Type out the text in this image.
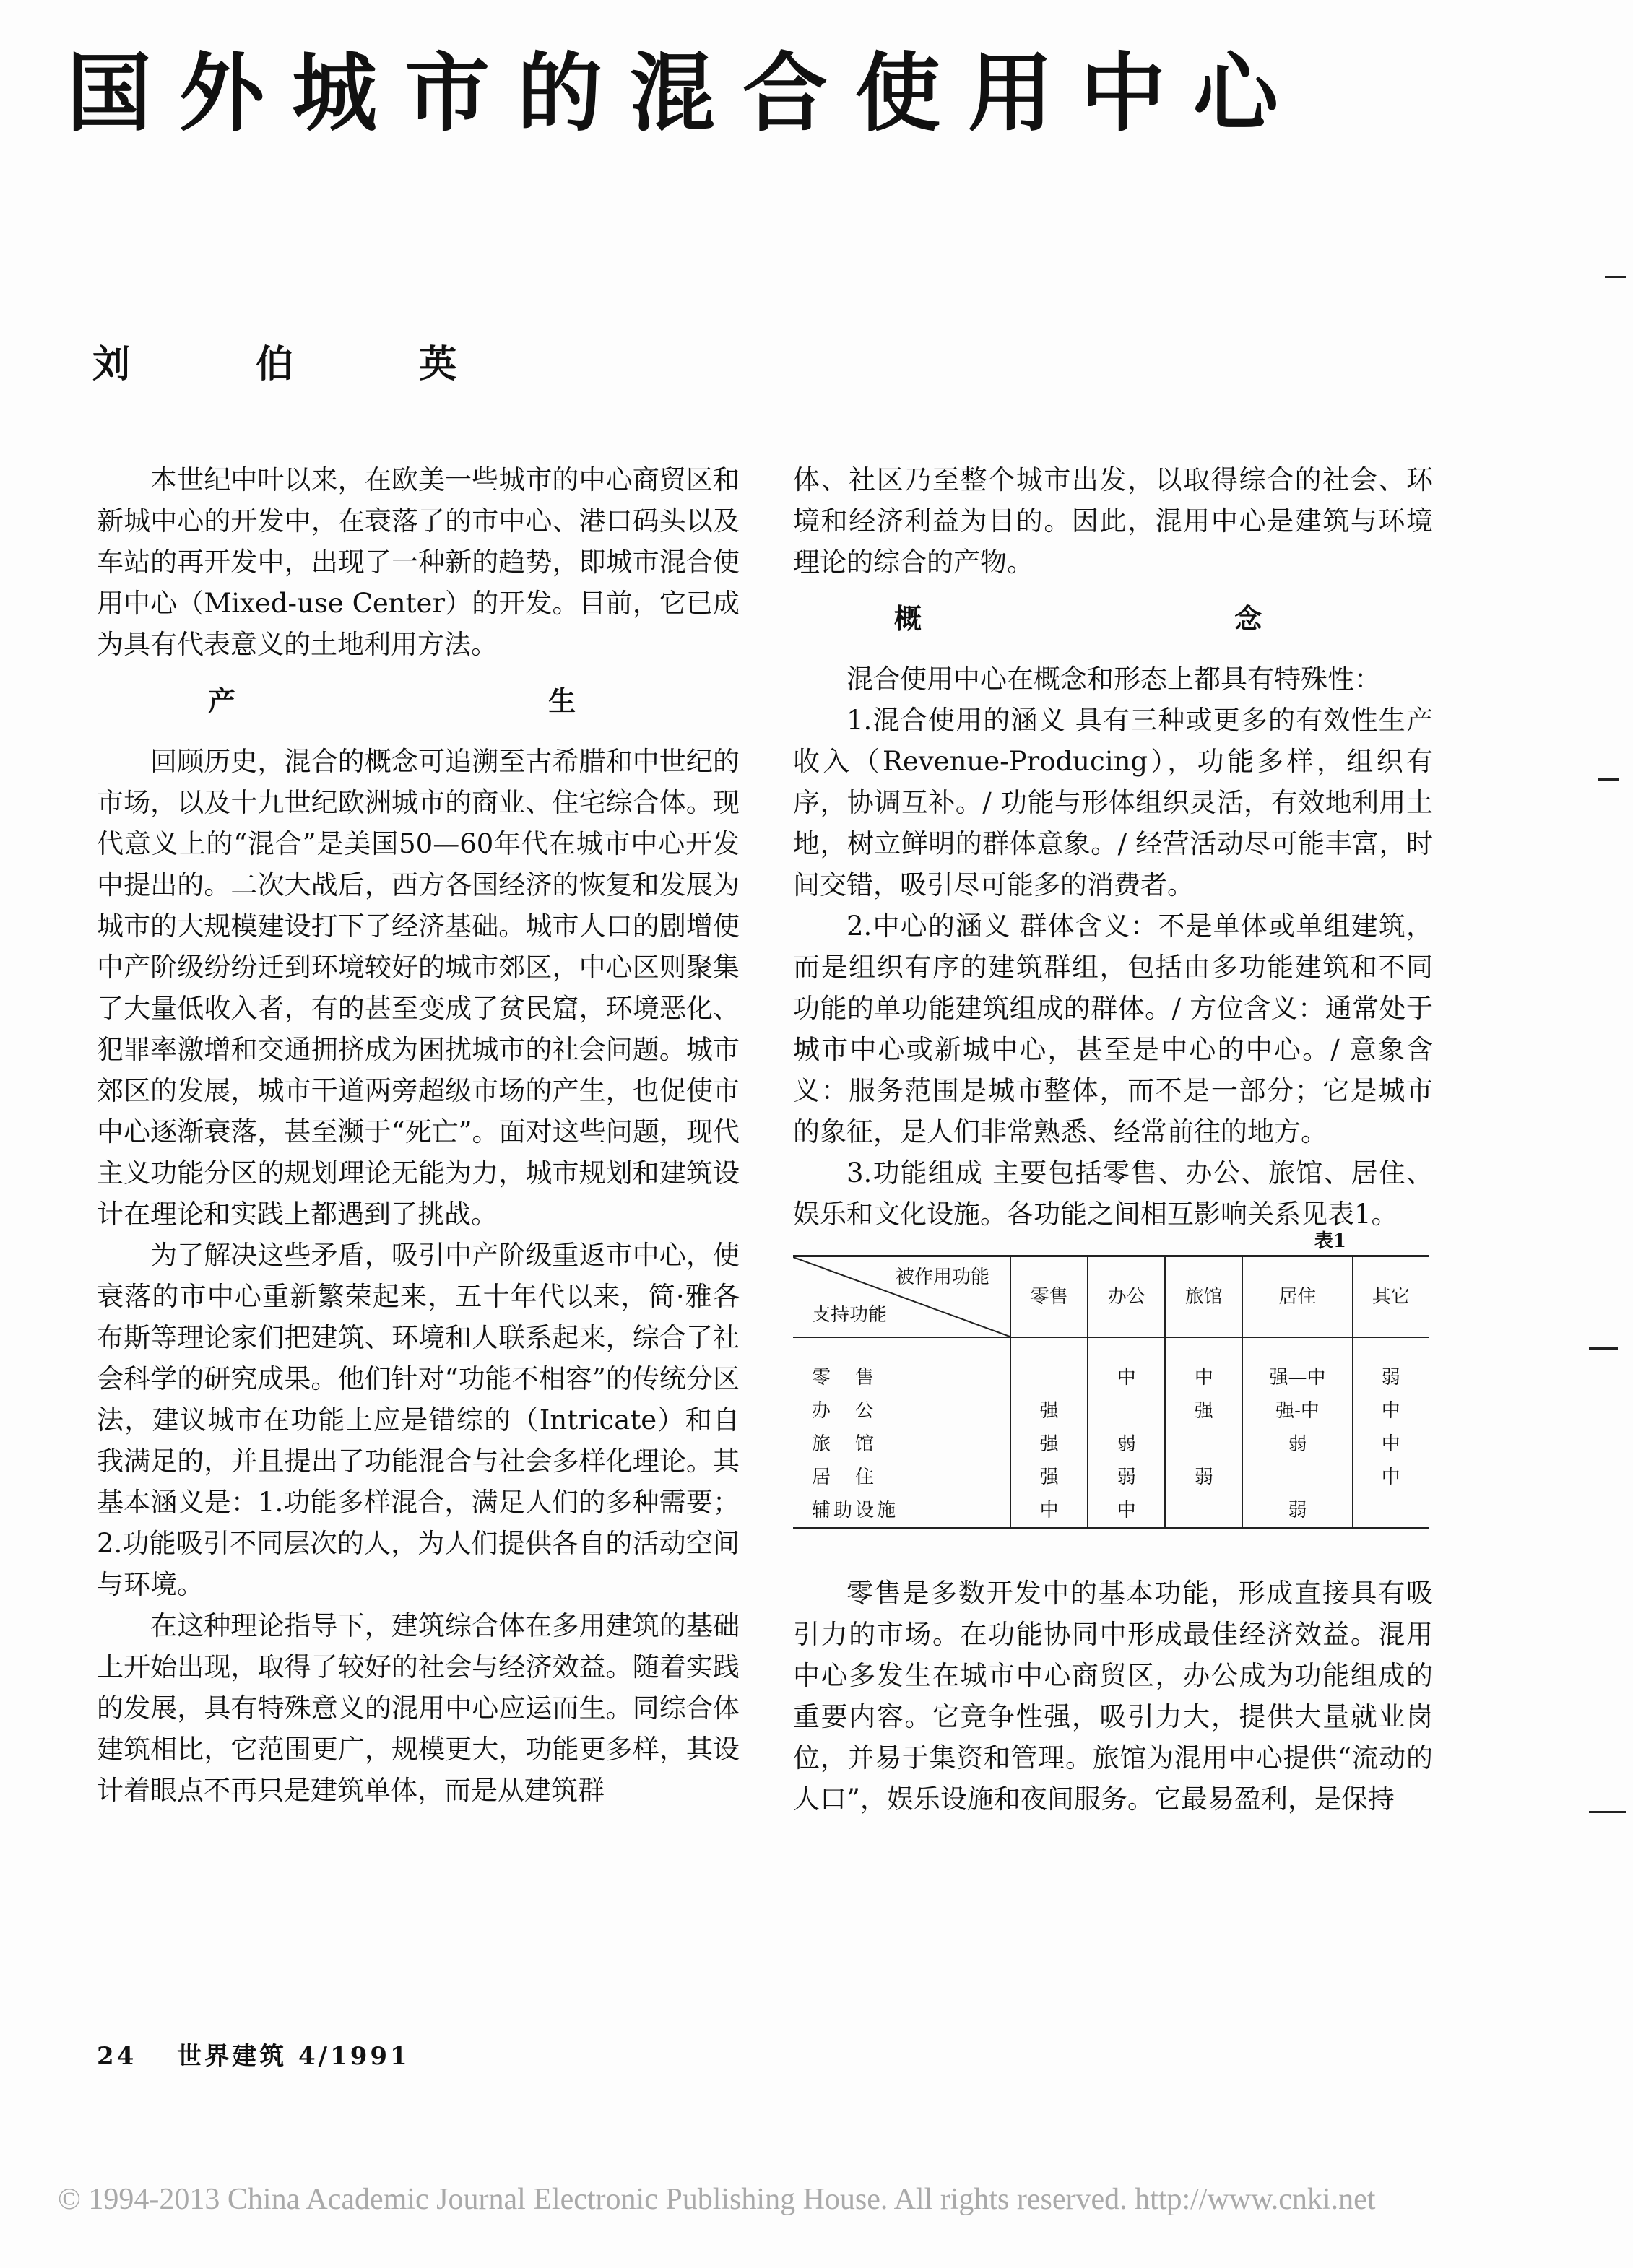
国外城市的混合使用中心
刘 伯 英

本世纪中叶以来，在欧美一些城市的中心商贸区和新城中心的开发中，在衰落了的市中心、港口码头以及车站的再开发中，出现了一种新的趋势，即城市混合使用中心（Mixed-use Center）的开发。目前，它已成为具有代表意义的土地利用方法。

产 生

回顾历史，混合的概念可追溯至古希腊和中世纪的市场，以及十九世纪欧洲城市的商业、住宅综合体。现代意义上的“混合”是美国50—60年代在城市中心开发中提出的。二次大战后，西方各国经济的恢复和发展为城市的大规模建设打下了经济基础。城市人口的剧增使中产阶级纷纷迁到环境较好的城市郊区，中心区则聚集了大量低收入者，有的甚至变成了贫民窟，环境恶化、犯罪率激增和交通拥挤成为困扰城市的社会问题。城市郊区的发展，城市干道两旁超级市场的产生，也促使市中心逐渐衰落，甚至濒于“死亡”。面对这些问题，现代主义功能分区的规划理论无能为力，城市规划和建筑设计在理论和实践上都遇到了挑战。

为了解决这些矛盾，吸引中产阶级重返市中心，使衰落的市中心重新繁荣起来，五十年代以来，简·雅各布斯等理论家们把建筑、环境和人联系起来，综合了社会科学的研究成果。他们针对“功能不相容”的传统分区法，建议城市在功能上应是错综的（Intricate）和自我满足的，并且提出了功能混合与社会多样化理论。其基本涵义是：1.功能多样混合，满足人们的多种需要；2.功能吸引不同层次的人，为人们提供各自的活动空间与环境。

在这种理论指导下，建筑综合体在多用建筑的基础上开始出现，取得了较好的社会与经济效益。随着实践的发展，具有特殊意义的混用中心应运而生。同综合体建筑相比，它范围更广，规模更大，功能更多样，其设计着眼点不再只是建筑单体，而是从建筑群

体、社区乃至整个城市出发，以取得综合的社会、环境和经济利益为目的。因此，混用中心是建筑与环境理论的综合的产物。

概 念

混合使用中心在概念和形态上都具有特殊性：

1.混合使用的涵义 具有三种或更多的有效性生产收入（Revenue-Producing），功能多样，组织有序，协调互补。/ 功能与形体组织灵活，有效地利用土地，树立鲜明的群体意象。/ 经营活动尽可能丰富，时间交错，吸引尽可能多的消费者。

2.中心的涵义 群体含义：不是单体或单组建筑，而是组织有序的建筑群组，包括由多功能建筑和不同功能的单功能建筑组成的群体。/ 方位含义：通常处于城市中心或新城中心，甚至是中心的中心。/ 意象含义：服务范围是城市整体，而不是一部分；它是城市的象征，是人们非常熟悉、经常前往的地方。

3.功能组成 主要包括零售、办公、旅馆、居住、娱乐和文化设施。各功能之间相互影响关系见表1。

表1
被作用功能
支持功能	零售	办公	旅馆	居住	其它
零　售		中	中	强—中	弱
办　公	强		强	强-中	中
旅　馆	强	弱		弱	中
居　住	强	弱	弱		中
辅助设施	中	中		弱	

零售是多数开发中的基本功能，形成直接具有吸引力的市场。在功能协同中形成最佳经济效益。混用中心多发生在城市中心商贸区，办公成为功能组成的重要内容。它竞争性强，吸引力大，提供大量就业岗位，并易于集资和管理。旅馆为混用中心提供“流动的人口”，娱乐设施和夜间服务。它最易盈利，是保持

24 世界建筑 4/1991
© 1994-2013 China Academic Journal Electronic Publishing House. All rights reserved. http://www.cnki.net
